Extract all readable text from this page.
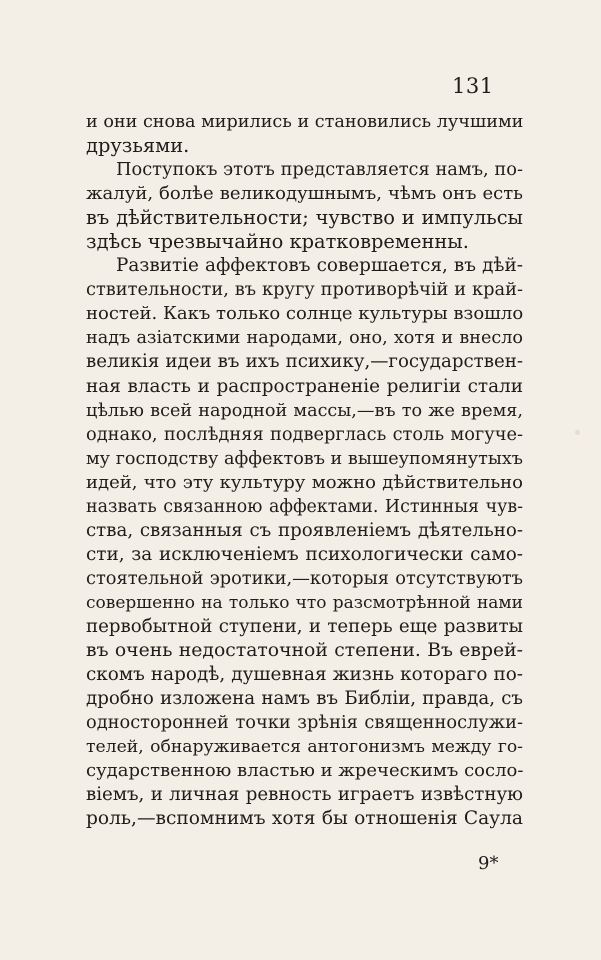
131
и они снова мирились и становились лучшими
друзьями.
Поступокъ этотъ представляется намъ, по-
жалуй, болѣе великодушнымъ, чѣмъ онъ есть
въ дѣйствительности; чувство и импульсы
здѣсь чрезвычайно кратковременны.
Развитіе аффектовъ совершается, въ дѣй-
ствительности, въ кругу противорѣчій и край-
ностей. Какъ только солнце культуры взошло
надъ азіатскими народами, оно, хотя и внесло
великія идеи въ ихъ психику,—государствен-
ная власть и распространеніе религіи стали
цѣлью всей народной массы,—въ то же время,
однако, послѣдняя подверглась столь могуче-
му господству аффектовъ и вышеупомянутыхъ
идей, что эту культуру можно дѣйствительно
назвать связанною аффектами. Истинныя чув-
ства, связанныя съ проявленіемъ дѣятельно-
сти, за исключеніемъ психологически само-
стоятельной эротики,—которыя отсутствуютъ
совершенно на только что разсмотрѣнной нами
первобытной ступени, и теперь еще развиты
въ очень недостаточной степени. Въ еврей-
скомъ народѣ, душевная жизнь котораго по-
дробно изложена намъ въ Библіи, правда, съ
односторонней точки зрѣнія священнослужи-
телей, обнаруживается антогонизмъ между го-
сударственною властью и жреческимъ сосло-
віемъ, и личная ревность играетъ извѣстную
роль,—вспомнимъ хотя бы отношенія Саула
9*
